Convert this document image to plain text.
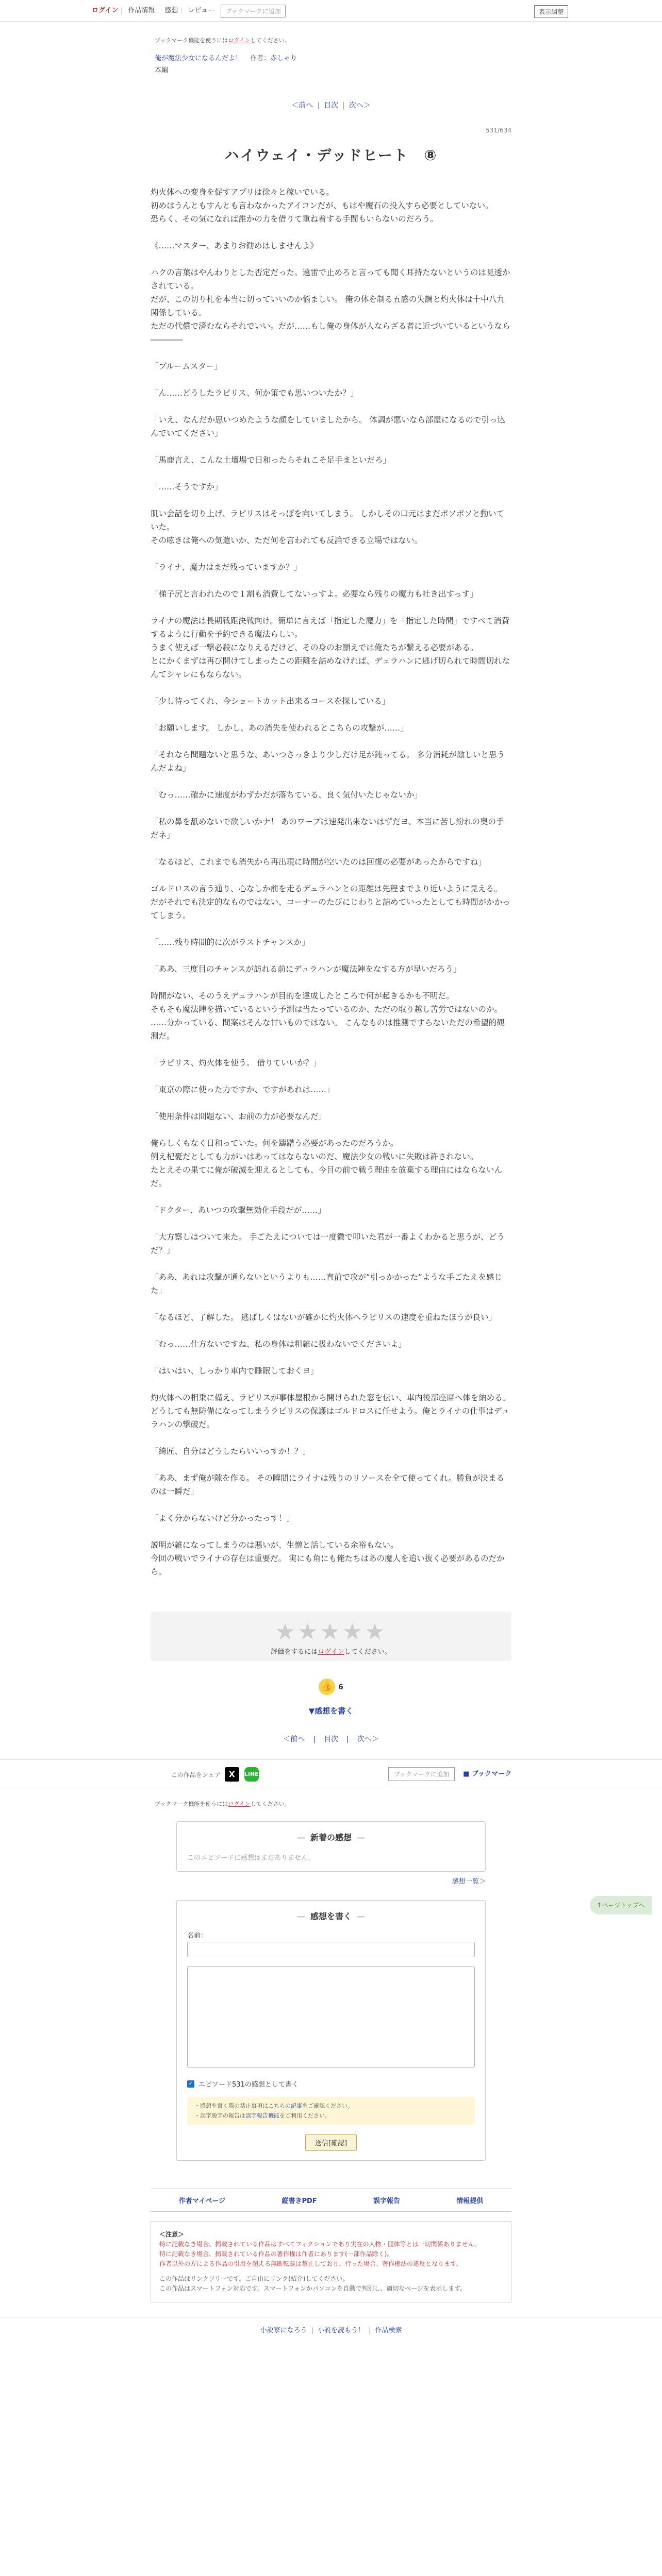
ログイン	作品情報	感想	レビュー	ブックマークに追加	表示調整
ブックマーク機能を使うにはログインしてください。
俺が魔法少女になるんだよ！ 作者：赤しゃり
本編
＜前へ | 目次 | 次へ＞
531/634
ハイウェイ・デッドヒート　⑧

灼火体への変身を促すアプリは徐々と稼いでいる。

初めはうんともすんとも言わなかったアイコンだが、もはや魔石の投入すら必要としていない。

恐らく、その気になれば誰かの力を借りて重ね着する手間もいらないのだろう。

《……マスター、あまりお勧めはしませんよ》

ハクの言葉はやんわりとした否定だった。遠雷で止めろと言っても聞く耳持たないというのは見透かされている。

だが、この切り札を本当に切っていいのか悩ましい。 俺の体を制る五感の失調と灼火体は十中八九関係している。

ただの代償で済むならそれでいい。だが……もし俺の身体が人ならざる者に近づいているというなら――――

「ブルームスター」

「ん……どうしたラピリス、何か策でも思いついたか？」

「いえ、なんだか思いつめたような顔をしていましたから。 体調が悪いなら部屋になるので引っ込んでいてください」

「馬鹿言え、こんな土壇場で日和ったらそれこそ足手まといだろ」

「……そうですか」

肌い会話を切り上げ、ラピリスはそっぽを向いてしまう。 しかしその口元はまだポソポソと動いていた。

その呟きは俺への気遣いか、ただ何を言われても反論できる立場ではない。

「ライナ、魔力はまだ残っていますか？」

「梯子尻と言われたので１割も消費してないっすよ。必要なら残りの魔力も吐き出すっす」

ライナの魔法は長期戦距決戦向け。簡単に言えば「指定した魔力」を「指定した時間」ですべて消費するように行動を予約できる魔法らしい。

うまく使えば一撃必殺になりえるだけど、その身のお願えでは俺たちが繋える必要がある。

とにかくまずは再び開けてしまったこの距離を詰めなければ、デュラハンに逃げ切られて時間切れなんてシャレにもならない。

「少し待ってくれ、今ショートカット出来るコースを探している」

「お願いします。 しかし、あの消失を使われるとこちらの攻撃が……」

「それなら問題ないと思うな、あいつさっきより少しだけ足が鈍ってる。 多分消耗が激しいと思うんだよね」

「むっ……確かに速度がわずかだが落ちている、良く気付いたじゃないか」

「私の鼻を舐めないで欲しいかナ！ あのワープは速発出来ないはずだヨ、本当に苦し紛れの奥の手だネ」

「なるほど、これまでも消失から再出現に時間が空いたのは回復の必要があったからですね」

ゴルドロスの言う通り、心なしか前を走るデュラハンとの距離は先程までより近いように見える。

だがそれでも決定的なものではない、コーナーのたびにじわりと詰めていったとしても時間がかかってしまう。

「……残り時間的に次がラストチャンスか」

「ああ、三度目のチャンスが訪れる前にデュラハンが魔法陣をなする方が早いだろう」

時間がない、そのうえデュラハンが目的を達成したところで何が起きるかも不明だ。

そもそも魔法陣を描いているという予測は当たっているのか、ただの取り越し苦労ではないのか。

……分かっている、問案はそんな甘いものではない。 こんなものは推測ですらないただの希望的観測だ。

「ラピリス、灼火体を使う。 借りていいか？」

「東京の際に使った力ですか、ですがあれは……」

「使用条件は問題ない、お前の力が必要なんだ」

俺らしくもなく日和っていた。何を躊躇う必要があったのだろうか。

例え杞憂だとしても力がいはあってはならないのだ、魔法少女の戦いに失敗は許されない。

たとえその果てに俺が破滅を迎えるとしても、今目の前で戦う理由を放棄する理由にはならないんだ。

「ドクター、あいつの攻撃無効化手段だが……」

「大方察しはついて来た。 手ごたえについては一度微で叩いた君が一番よくわかると思うが、どうだ？」

「ああ、あれは攻撃が通らないというよりも……直前で攻が“引っかかった”ような手ごたえを感じた」

「なるほど、了解した。 逃ばしくはないが確かに灼火体へラピリスの速度を重ねたほうが良い」

「むっ……仕方ないですね、私の身体は粗雑に扱わないでくださいよ」

「はいはい、しっかり車内で睡眠しておくヨ」

灼火体への相乗に備え、ラピリスが事体屋根から開けられた窓を伝い、車内後部座席へ体を納める。

どうしても無防備になってしまうラピリスの保護はゴルドロスに任せよう。俺とライナの仕事はデュラハンの撃破だ。

「綺匠、自分はどうしたらいいっすか！？」

「ああ、まず俺が隙を作る。 その瞬間にライナは残りのリソースを全て使ってくれ。勝負が決まるのは一瞬だ」

「よく分からないけど分かったっす！」

説明が雑になってしまうのは悪いが、生憎と話している余裕もない。

今回の戦いでライナの存在は重要だ。 実にも角にも俺たちはあの魔人を追い抜く必要があるのだから。

★★★★★
評価をするにはログインしてください。
👍 6
▼感想を書く
＜前へ | 目次 | 次へ＞
↑ページトップへ
この作品をシェア	X	LINE	ブックマークに追加	■ ブックマーク
ブックマーク機能を使うにはログインしてください。
— 新着の感想 —
このエピソードに感想はまだありません。
感想一覧＞
— 感想を書く —
名前：

✓ エピソード531の感想として書く
・感想を書く際の禁止事項はこちらの記事をご確認ください。
・誤字脱字の報告は誤字報告機能をご利用ください。
送信[確認]
作者マイページ	縦書きPDF	誤字報告	情報提供
＜注意＞
特に記載なき場合、掲載されている作品はすべてフィクションであり実在の人物・団体等とは一切関係ありません。
特に記載なき場合、掲載されている作品の著作権は作者にあります(一部作品除く)。
作者以外の方による作品の引用を超える無断転載は禁止しており、行った場合、著作権法の違反となります。
この作品はリンクフリーです。ご自由にリンク(紹介)してください。
この作品はスマートフォン対応です。スマートフォンかパソコンを自動で判別し、適切なページを表示します。
小説家になろう | 小説を読もう！ | 作品検索
